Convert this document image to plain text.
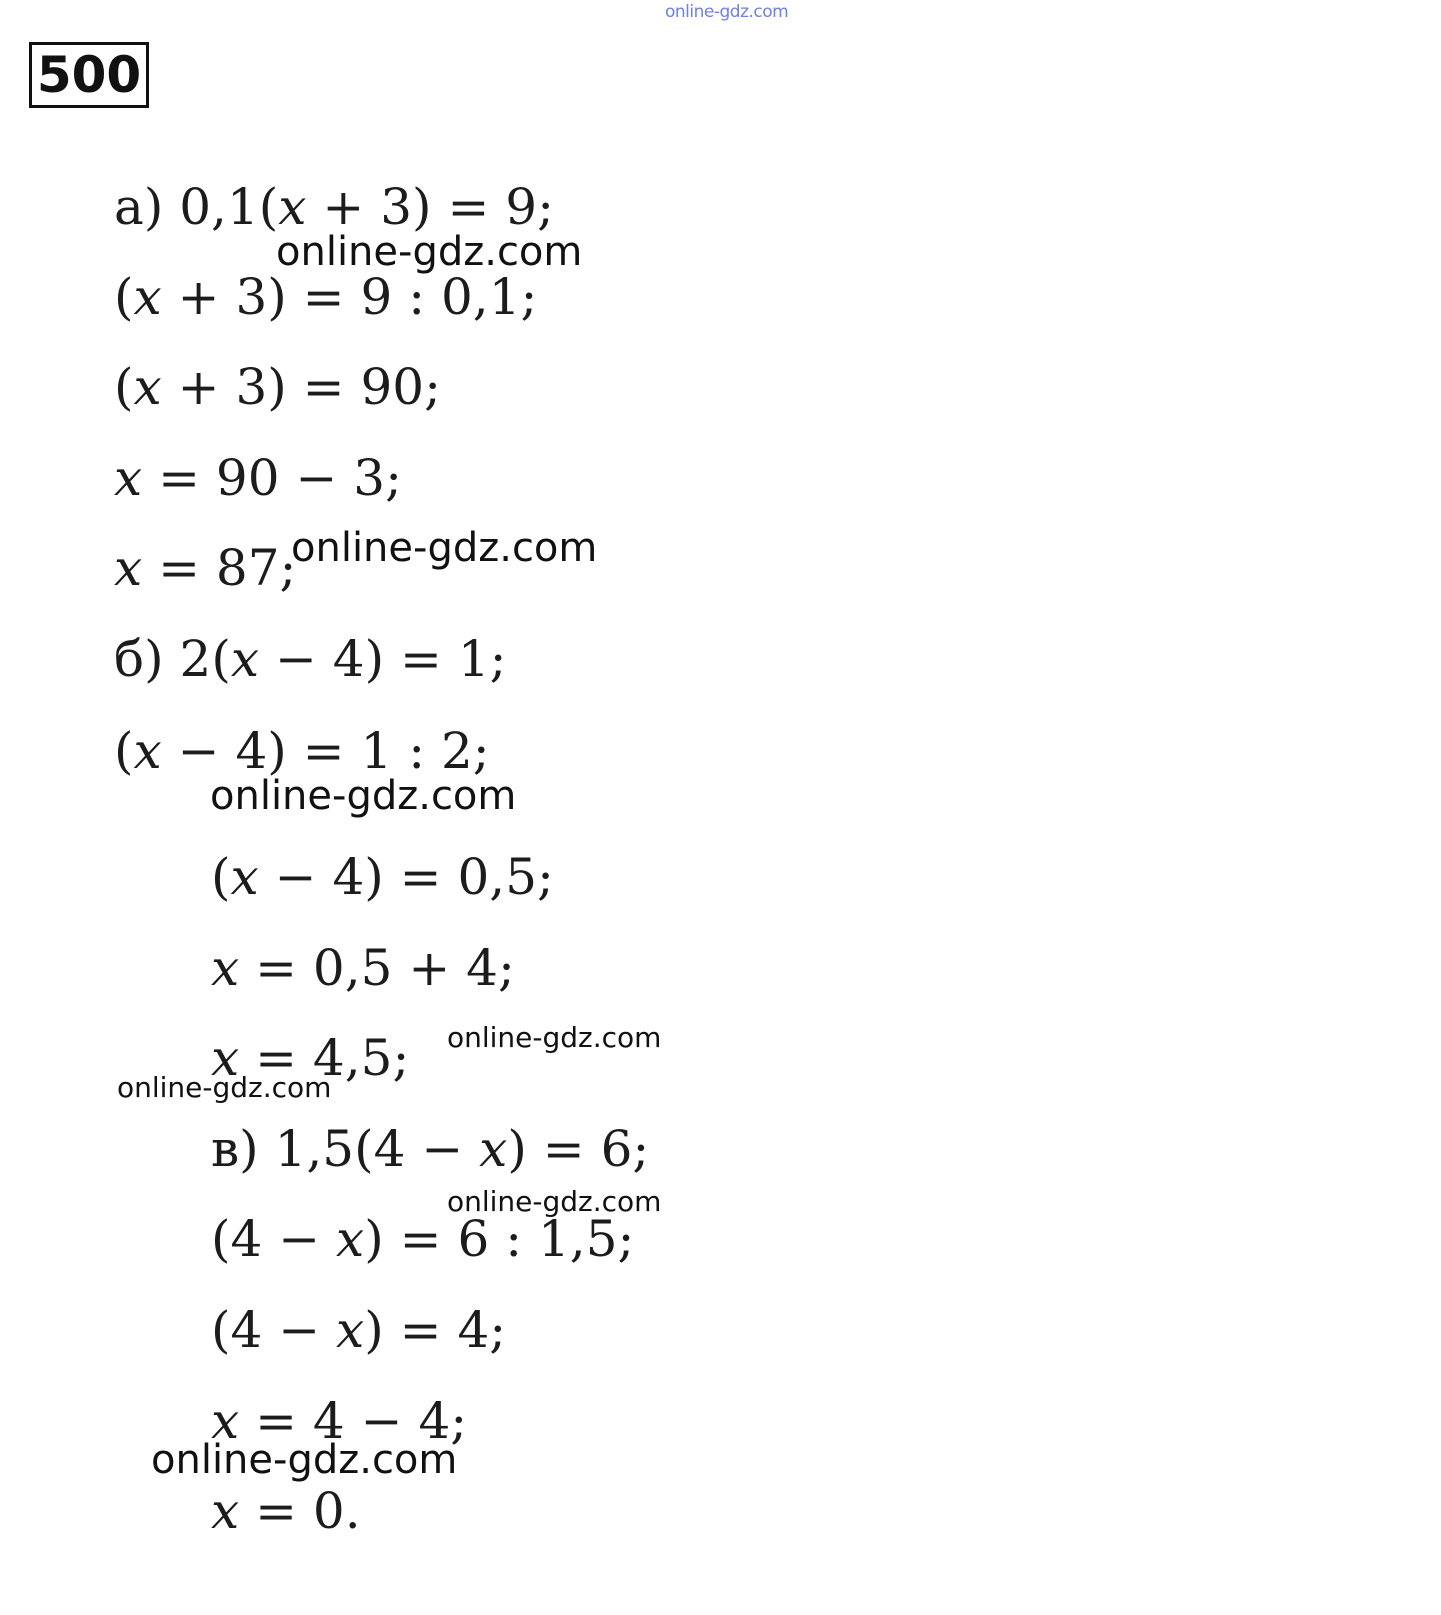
online-gdz.com
500
а) 0,1(x + 3) = 9;
(x + 3) = 9 : 0,1;
(x + 3) = 90;
x = 90 − 3;
x = 87;
б) 2(x − 4) = 1;
(x − 4) = 1 : 2;
(x − 4) = 0,5;
x = 0,5 + 4;
x = 4,5;
в) 1,5(4 − x) = 6;
(4 − x) = 6 : 1,5;
(4 − x) = 4;
x = 4 − 4;
x = 0.
online-gdz.com
online-gdz.com
online-gdz.com
online-gdz.com
online-gdz.com
online-gdz.com
online-gdz.com
